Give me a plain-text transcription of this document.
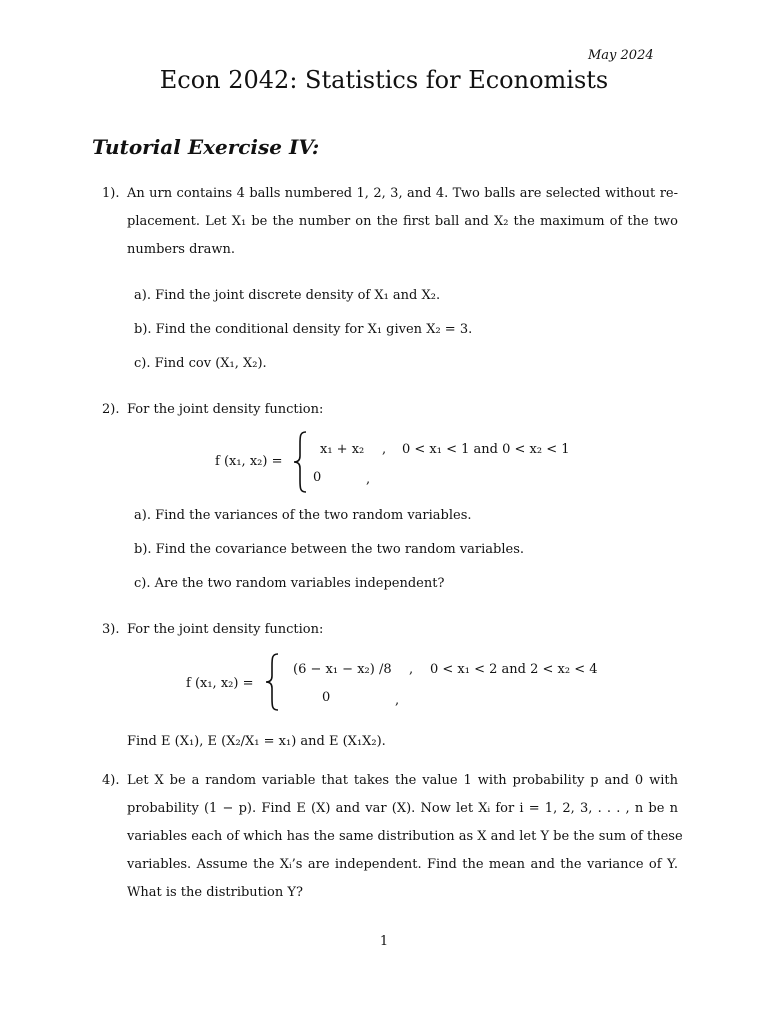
May 2024
Econ 2042: Statistics for Economists
Tutorial Exercise IV:
1). An urn contains 4 balls numbered 1, 2, 3, and 4. Two balls are selected without re-
placement. Let X₁ be the number on the first ball and X₂ the maximum of the two
numbers drawn.
a). Find the joint discrete density of X₁ and X₂.
b). Find the conditional density for X₁ given X₂ = 3.
c). Find cov (X₁, X₂).
2). For the joint density function:
f (x₁, x₂) =
x₁ + x₂ , 0 < x₁ < 1 and 0 < x₂ < 1
0	,
a). Find the variances of the two random variables.
b). Find the covariance between the two random variables.
c). Are the two random variables independent?
3). For the joint density function:
f (x₁, x₂) =
(6 − x₁ − x₂) /8 , 0 < x₁ < 2 and 2 < x₂ < 4
0	,
Find E (X₁), E (X₂/X₁ = x₁) and E (X₁X₂).
4). Let X be a random variable that takes the value 1 with probability p and 0 with
probability (1 − p). Find E (X) and var (X). Now let Xᵢ for i = 1, 2, 3, . . . , n be n
variables each of which has the same distribution as X and let Y be the sum of these
variables. Assume the Xᵢ’s are independent. Find the mean and the variance of Y.
What is the distribution Y?
1
